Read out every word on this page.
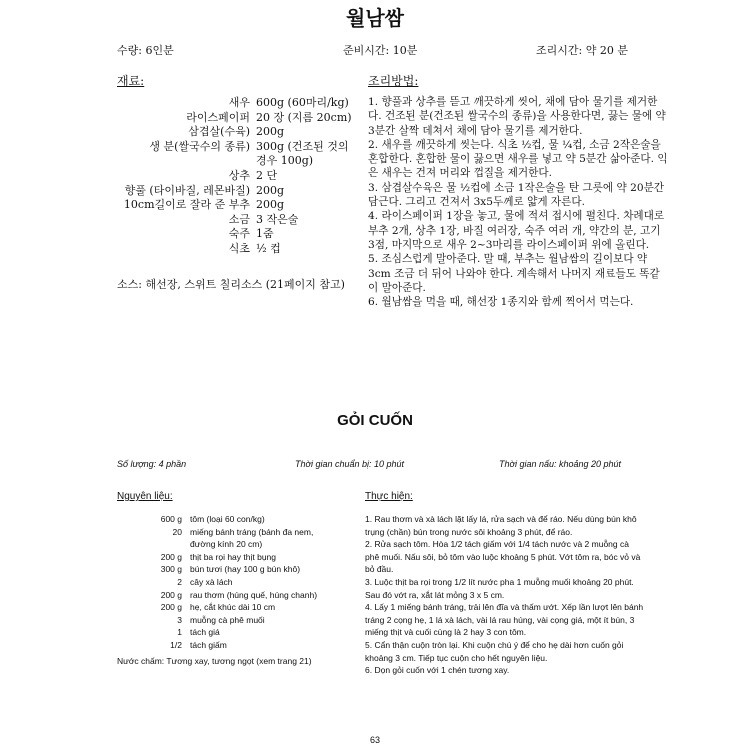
월남쌈
수량: 6인분	준비시간: 10분	조리시간: 약 20 분
재료:	조리방법:
새우 600g (60마리/kg)
라이스페이퍼 20 장 (지름 20cm)
삼겹살(수육) 200g
생 분(쌀국수의 종류) 300g (건조된 것의
경우 100g)
상추 2 단
향풀 (타이바질, 레몬바질) 200g
10cm길이로 잘라 준 부추 200g
소금 3 작은술
숙주 1줌
식초 ½ 컵
소스: 해선장, 스위트 칠리소스 (21페이지 참고)

1. 향풀과 상추를 뜯고 깨끗하게 씻어, 채에 담아 물기를 제거한다. 건조된 분(건조된 쌀국수의 종류)을 사용한다면, 끓는 물에 약3분간 살짝 데쳐서 채에 담아 물기를 제거한다.

2. 새우를 깨끗하게 씻는다. 식초 ½컵, 물 ¼컵, 소금 2작은술을 혼합한다. 혼합한 물이 끓으면 새우를 넣고 약 5분간 삶아준다. 익은 새우는 건져 머리와 껍질을 제거한다.

3. 삼겹살수육은 물 ½컵에 소금 1작은술을 탄 그릇에 약 20분간 담근다. 그리고 건져서 3x5두께로 얇게 자른다.

4. 라이스페이퍼 1장을 놓고, 물에 적셔 접시에 펼친다. 차례대로 부추 2개, 상추 1장, 바질 여러장, 숙주 여러 개, 약간의 분, 고기 3점, 마지막으로 새우 2~3마리를 라이스페이퍼 위에 올린다.

5. 조심스럽게 말아준다. 말 때, 부추는 월남쌈의 길이보다 약 3cm 조금 더 뒤어 나와야 한다. 계속해서 나머지 재료들도 똑같이 말아준다.

6. 월남쌈을 먹을 때, 해선장 1종지와 함께 찍어서 먹는다.

GỎI CUỐN
Số lượng: 4 phần	Thời gian chuẩn bị: 10 phút	Thời gian nấu: khoảng 20 phút
Nguyên liệu:	Thực hiện:
600 g tôm (loại 60 con/kg)
20 miếng bánh tráng (bánh đa nem,
đường kính 20 cm)
200 g thịt ba rọi hay thịt bụng
300 g bún tươi (hay 100 g bún khô)
2 cây xà lách
200 g rau thơm (húng quế, húng chanh)
200 g hẹ, cắt khúc dài 10 cm
3 muỗng cà phê muối
1 tách giá
1/2 tách giấm
Nước chấm: Tương xay, tương ngọt (xem trang 21)

1. Rau thơm và xà lách lặt lấy lá, rửa sạch và để ráo. Nếu dùng bún khô trụng (chần) bún trong nước sôi khoảng 3 phút, để ráo.

2. Rửa sạch tôm. Hòa 1/2 tách giấm với 1/4 tách nước và 2 muỗng cà phê muối. Nấu sôi, bỏ tôm vào luộc khoảng 5 phút. Vớt tôm ra, bóc vỏ và bỏ đầu.

3. Luộc thịt ba rọi trong 1/2 lít nước pha 1 muỗng muối khoảng 20 phút. Sau đó vớt ra, xắt lát mỏng 3 x 5 cm.

4. Lấy 1 miếng bánh tráng, trải lên đĩa và thấm ướt. Xếp lần lượt lên bánh tráng 2 cọng hẹ, 1 lá xà lách, vài lá rau húng, vài cọng giá, một ít bún, 3 miếng thịt và cuối cùng là 2 hay 3 con tôm.

5. Cẩn thận cuộn tròn lại. Khi cuộn chú ý để cho hẹ dài hơn cuốn gỏi khoảng 3 cm. Tiếp tục cuộn cho hết nguyên liệu.

6. Dọn gỏi cuốn với 1 chén tương xay.

63
